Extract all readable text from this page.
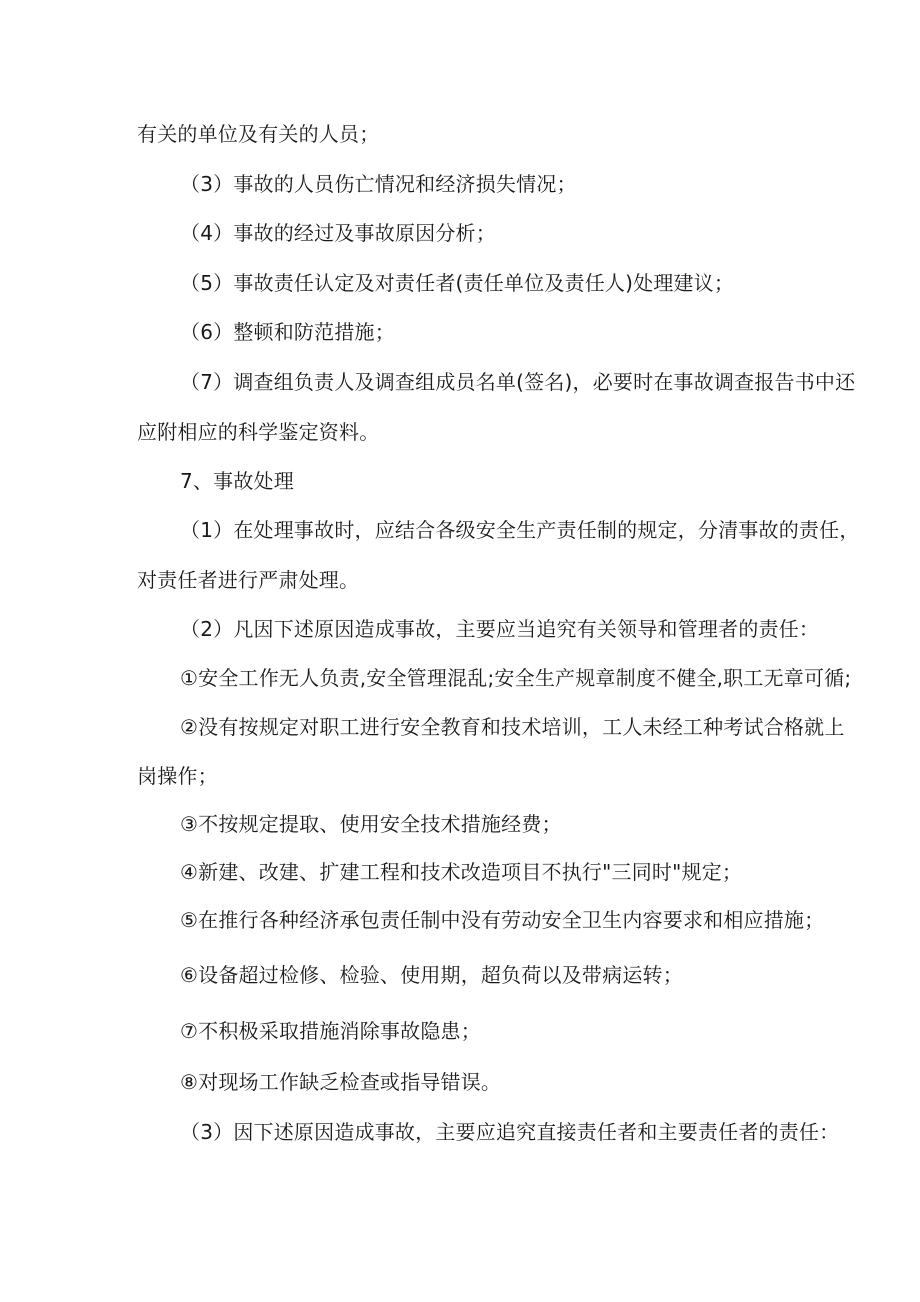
有关的单位及有关的人员；
（3）事故的人员伤亡情况和经济损失情况；
（4）事故的经过及事故原因分析；
（5）事故责任认定及对责任者(责任单位及责任人)处理建议；
（6）整顿和防范措施；
（7）调查组负责人及调查组成员名单(签名)，必要时在事故调查报告书中还
应附相应的科学鉴定资料。
7、事故处理
（1）在处理事故时，应结合各级安全生产责任制的规定，分清事故的责任，
对责任者进行严肃处理。
（2）凡因下述原因造成事故，主要应当追究有关领导和管理者的责任：
①安全工作无人负责,安全管理混乱;安全生产规章制度不健全,职工无章可循;
②没有按规定对职工进行安全教育和技术培训，工人未经工种考试合格就上
岗操作；
③不按规定提取、使用安全技术措施经费；
④新建、改建、扩建工程和技术改造项目不执行"三同时"规定；
⑤在推行各种经济承包责任制中没有劳动安全卫生内容要求和相应措施；
⑥设备超过检修、检验、使用期，超负荷以及带病运转；
⑦不积极采取措施消除事故隐患；
⑧对现场工作缺乏检查或指导错误。
（3）因下述原因造成事故，主要应追究直接责任者和主要责任者的责任：
